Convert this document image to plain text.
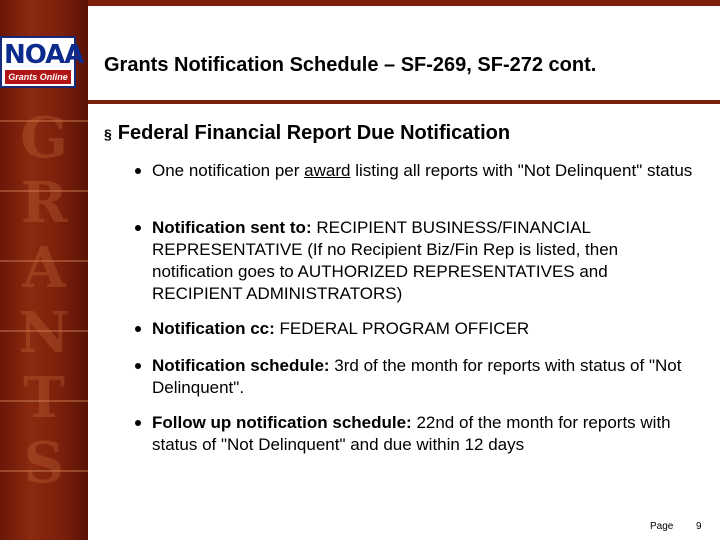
G
R
A
N
T
S
NOAA
Grants Online
Grants Notification Schedule – SF-269, SF-272 cont.
§ Federal Financial Report Due Notification
One notification per award listing all reports with "Not Delinquent" status
Notification sent to: RECIPIENT BUSINESS/FINANCIAL REPRESENTATIVE (If no Recipient Biz/Fin Rep is listed, then notification goes to AUTHORIZED REPRESENTATIVES and RECIPIENT ADMINISTRATORS)
Notification cc: FEDERAL PROGRAM OFFICER
Notification schedule: 3rd of the month for reports with status of "Not Delinquent".
Follow up notification schedule: 22nd of the month for reports with status of "Not Delinquent" and due within 12 days
Page 9
